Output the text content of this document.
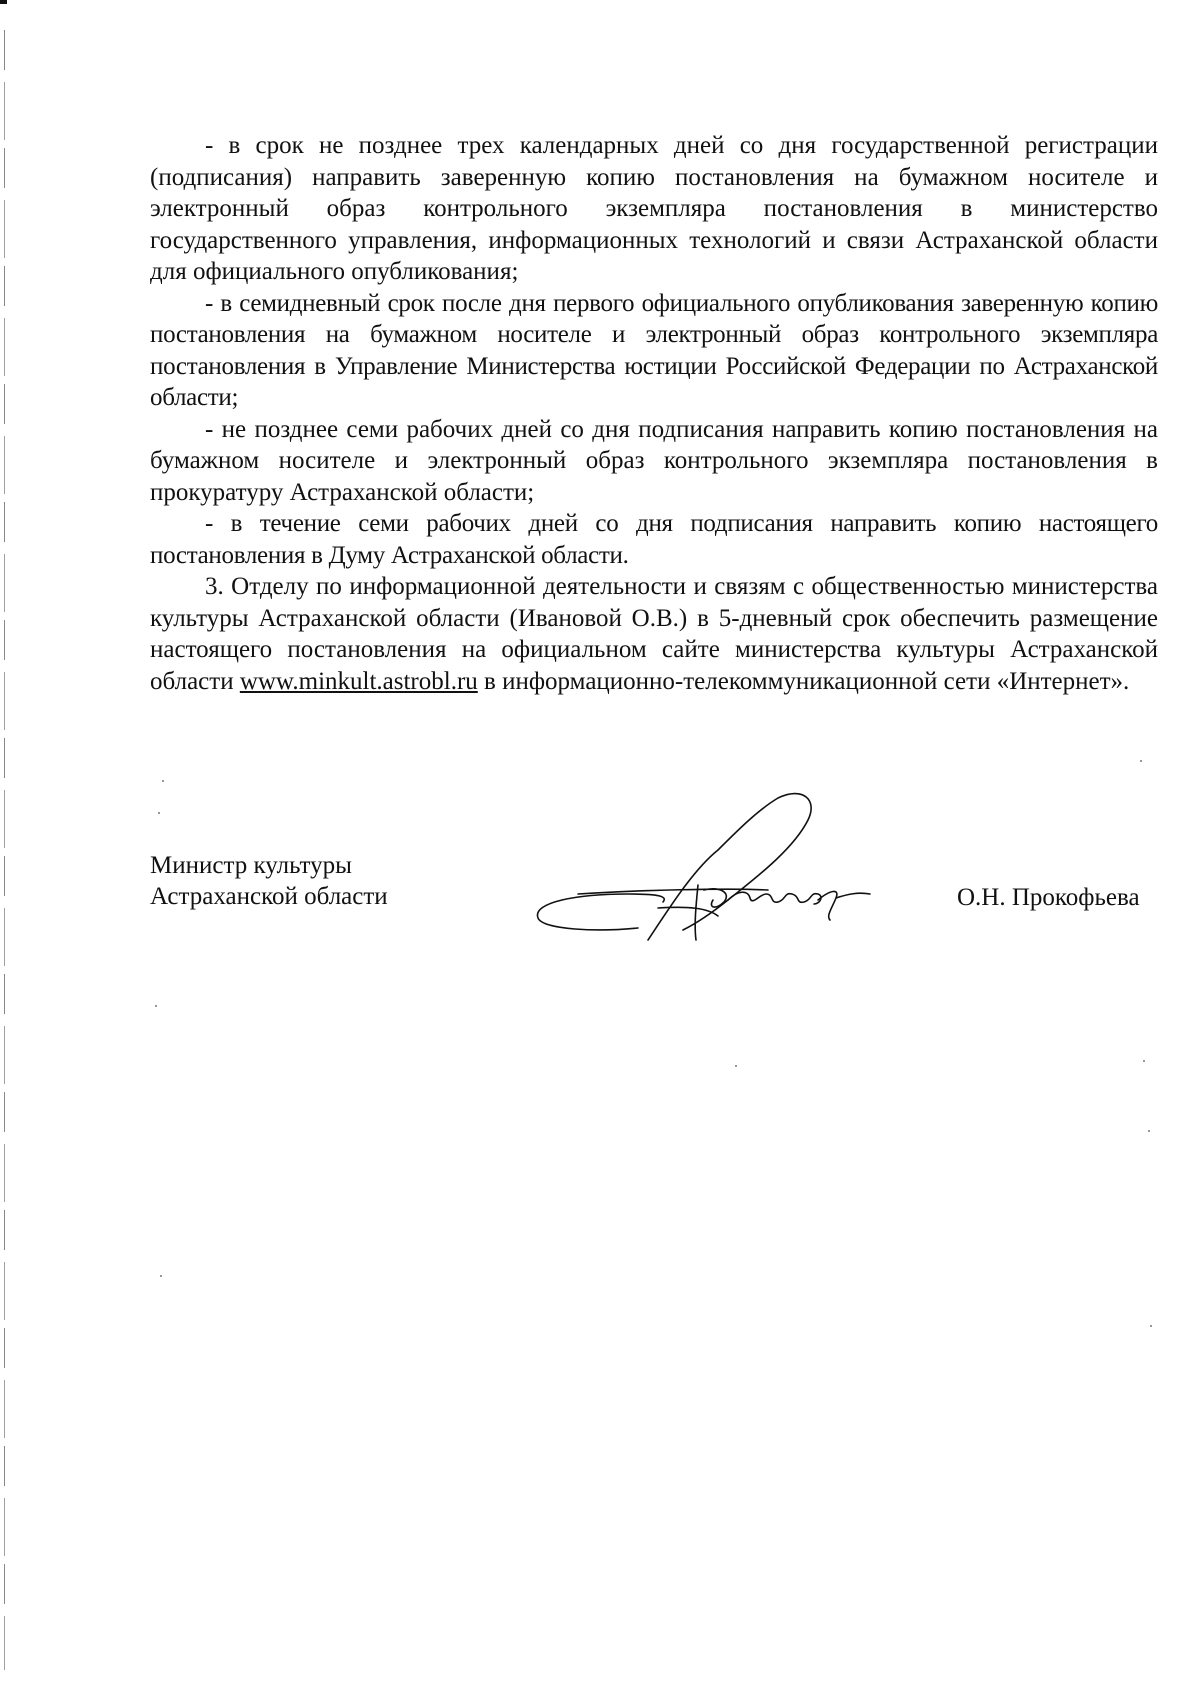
- в срок не позднее трех календарных дней со дня государственной регистрации (подписания) направить заверенную копию постановления на бумажном носителе и электронный образ контрольного экземпляра постановления в министерство государственного управления, информационных технологий и связи Астраханской области для официального опубликования;

- в семидневный срок после дня первого официального опубликования заверенную копию постановления на бумажном носителе и электронный образ контрольного экземпляра постановления в Управление Министерства юстиции Российской Федерации по Астраханской области;

- не позднее семи рабочих дней со дня подписания направить копию постановления на бумажном носителе и электронный образ контрольного экземпляра постановления в прокуратуру Астраханской области;

- в течение семи рабочих дней со дня подписания направить копию настоящего постановления в Думу Астраханской области.

3. Отделу по информационной деятельности и связям с общественностью министерства культуры Астраханской области (Ивановой О.В.) в 5-дневный срок обеспечить размещение настоящего постановления на официальном сайте министерства культуры Астраханской области www.minkult.astrobl.ru в информационно-телекоммуникационной сети «Интернет».

Министр культуры
Астраханской области	О.Н. Прокофьева
